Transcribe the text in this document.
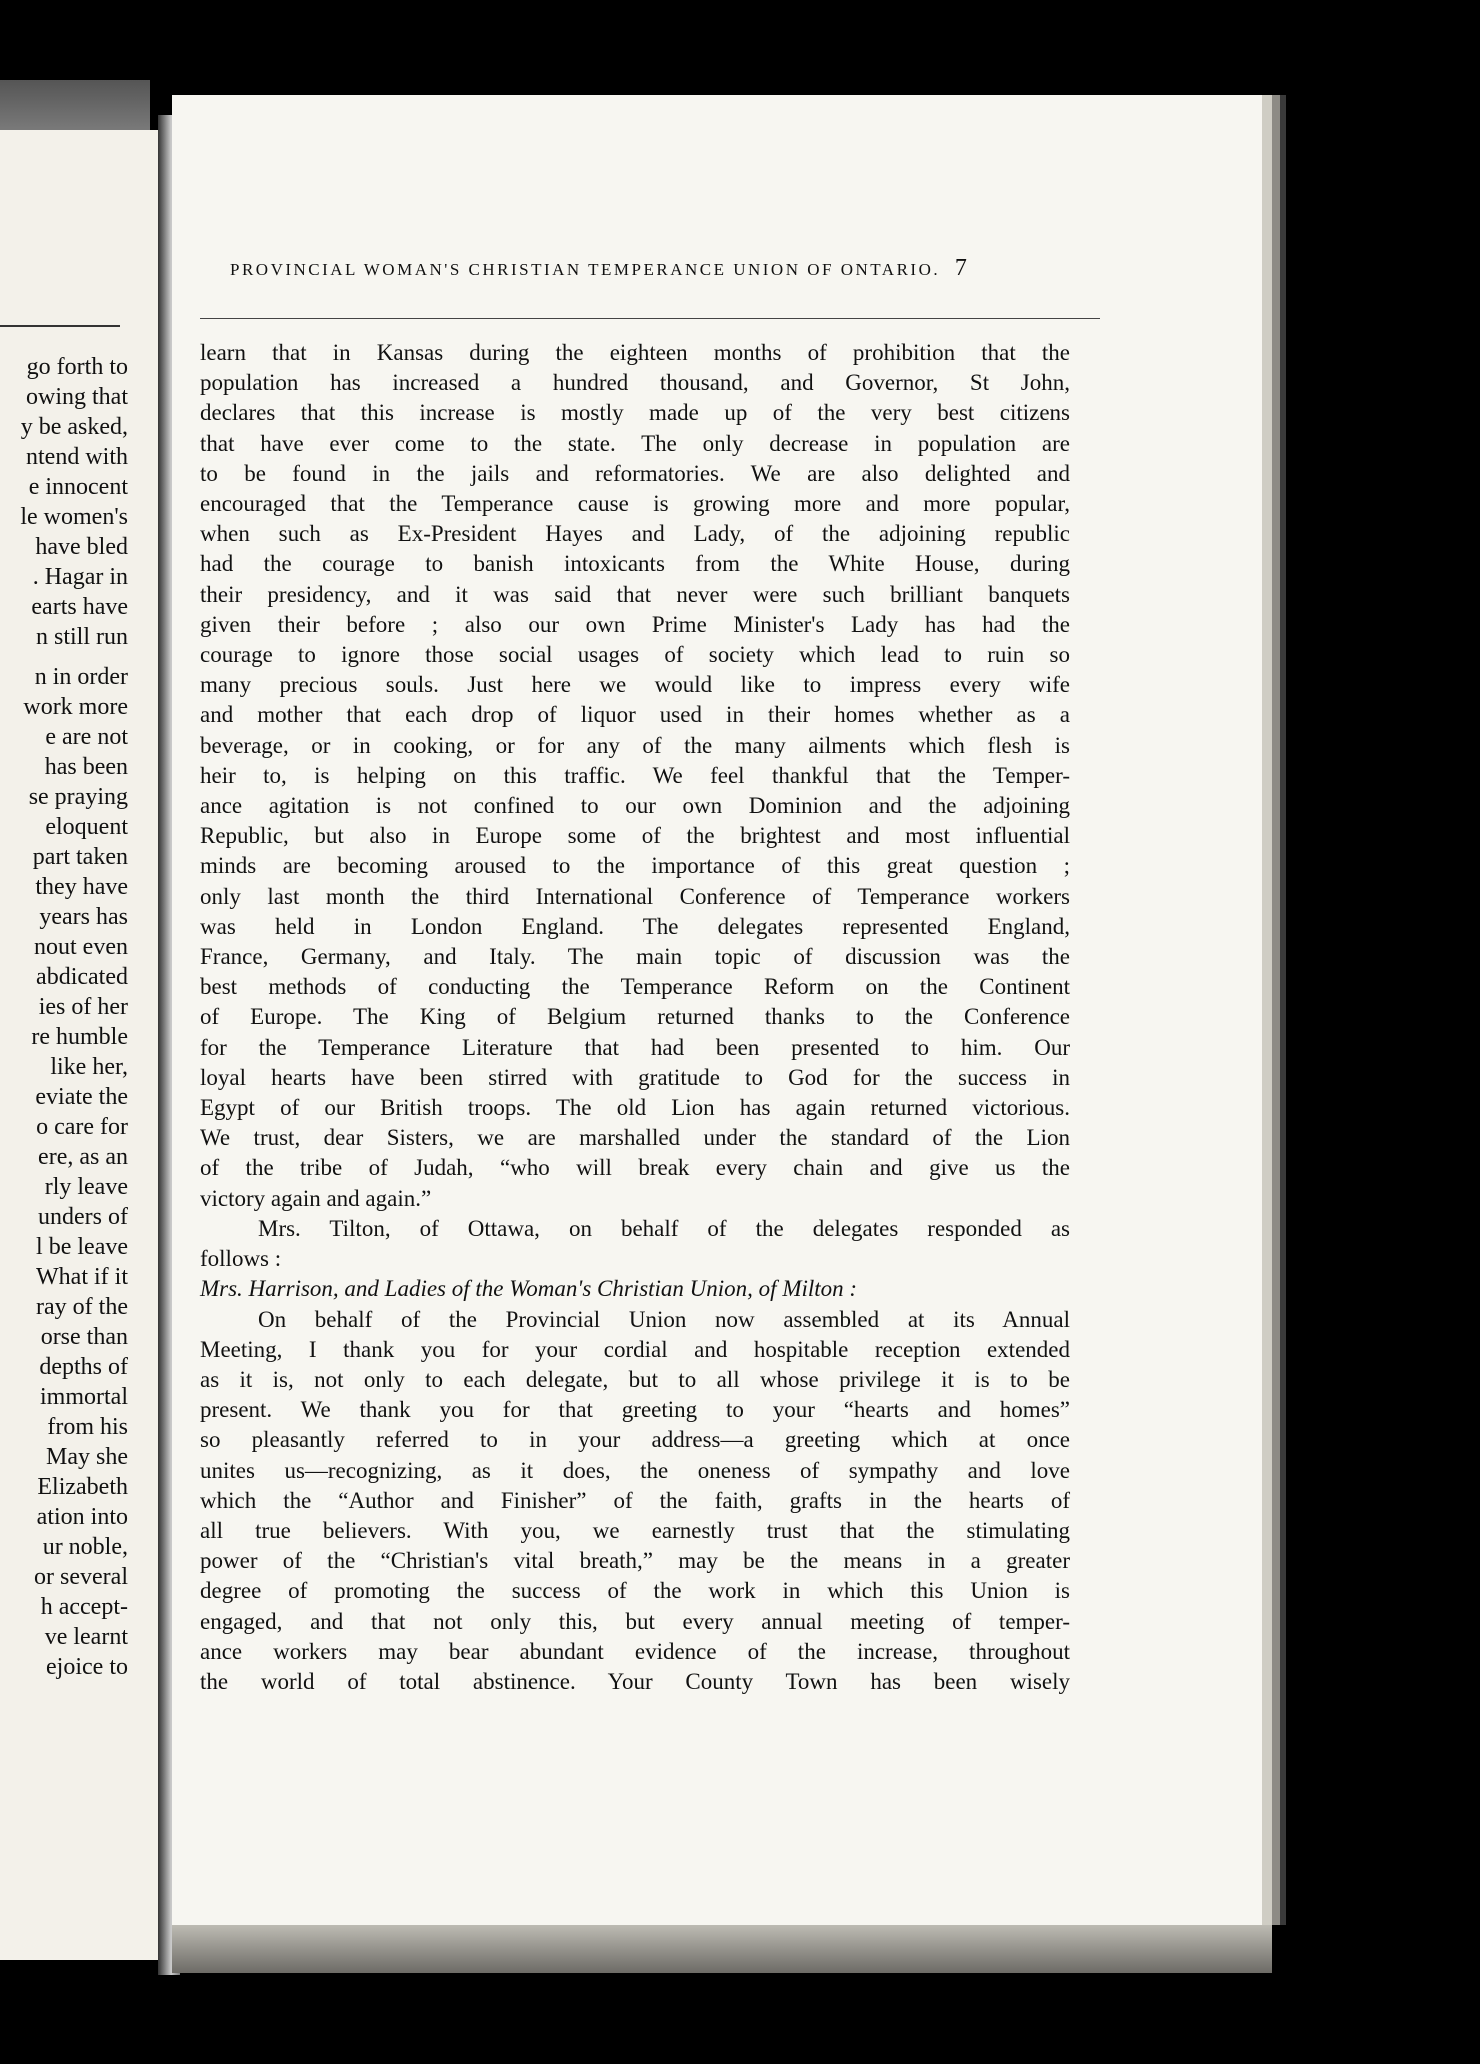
go forth to
owing that
y be asked,
ntend with
e innocent
le women's
have bled
. Hagar in
earts have
n still run
n in order
work more
e are not
has been
se praying
eloquent
part taken
they have
years has
nout even
abdicated
ies of her
re humble
like her,
eviate the
o care for
ere, as an
rly leave
unders of
l be leave
What if it
ray of the
orse than
depths of
immortal
from his
May she
Elizabeth
ation into
ur noble,
or several
h accept-
ve learnt
ejoice to
PROVINCIAL WOMAN'S CHRISTIAN TEMPERANCE UNION OF ONTARIO. 7
learn that in Kansas during the eighteen months of prohibition that the
population has increased a hundred thousand, and Governor, St John,
declares that this increase is mostly made up of the very best citizens
that have ever come to the state. The only decrease in population are
to be found in the jails and reformatories. We are also delighted and
encouraged that the Temperance cause is growing more and more popular,
when such as Ex-President Hayes and Lady, of the adjoining republic
had the courage to banish intoxicants from the White House, during
their presidency, and it was said that never were such brilliant banquets
given their before ; also our own Prime Minister's Lady has had the
courage to ignore those social usages of society which lead to ruin so
many precious souls. Just here we would like to impress every wife
and mother that each drop of liquor used in their homes whether as a
beverage, or in cooking, or for any of the many ailments which flesh is
heir to, is helping on this traffic. We feel thankful that the Temper-
ance agitation is not confined to our own Dominion and the adjoining
Republic, but also in Europe some of the brightest and most influential
minds are becoming aroused to the importance of this great question ;
only last month the third International Conference of Temperance workers
was held in London England. The delegates represented England,
France, Germany, and Italy. The main topic of discussion was the
best methods of conducting the Temperance Reform on the Continent
of Europe. The King of Belgium returned thanks to the Conference
for the Temperance Literature that had been presented to him. Our
loyal hearts have been stirred with gratitude to God for the success in
Egypt of our British troops. The old Lion has again returned victorious.
We trust, dear Sisters, we are marshalled under the standard of the Lion
of the tribe of Judah, “who will break every chain and give us the
victory again and again.”
Mrs. Tilton, of Ottawa, on behalf of the delegates responded as
follows :
Mrs. Harrison, and Ladies of the Woman's Christian Union, of Milton :
On behalf of the Provincial Union now assembled at its Annual
Meeting, I thank you for your cordial and hospitable reception extended
as it is, not only to each delegate, but to all whose privilege it is to be
present. We thank you for that greeting to your “hearts and homes”
so pleasantly referred to in your address—a greeting which at once
unites us—recognizing, as it does, the oneness of sympathy and love
which the “Author and Finisher” of the faith, grafts in the hearts of
all true believers. With you, we earnestly trust that the stimulating
power of the “Christian's vital breath,” may be the means in a greater
degree of promoting the success of the work in which this Union is
engaged, and that not only this, but every annual meeting of temper-
ance workers may bear abundant evidence of the increase, throughout
the world of total abstinence. Your County Town has been wisely
